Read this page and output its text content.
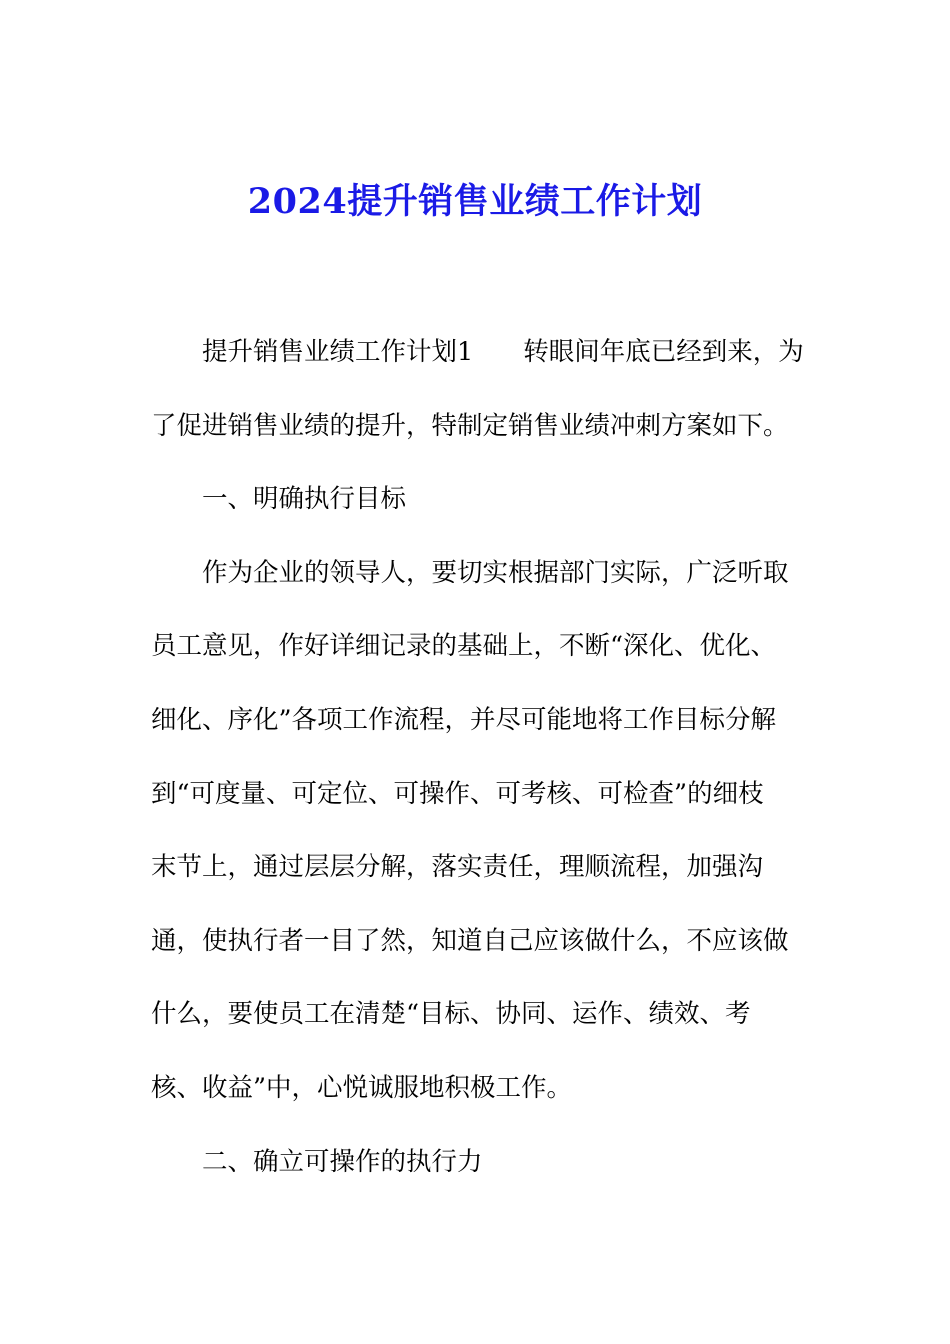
2024提升销售业绩工作计划
提升销售业绩工作计划1 转眼间年底已经到来，为
了促进销售业绩的提升，特制定销售业绩冲刺方案如下。
一、明确执行目标
作为企业的领导人，要切实根据部门实际，广泛听取
员工意见，作好详细记录的基础上，不断“深化、优化、
细化、序化”各项工作流程，并尽可能地将工作目标分解
到“可度量、可定位、可操作、可考核、可检查”的细枝
末节上，通过层层分解，落实责任，理顺流程，加强沟
通，使执行者一目了然，知道自己应该做什么，不应该做
什么，要使员工在清楚“目标、协同、运作、绩效、考
核、收益”中，心悦诚服地积极工作。
二、确立可操作的执行力
